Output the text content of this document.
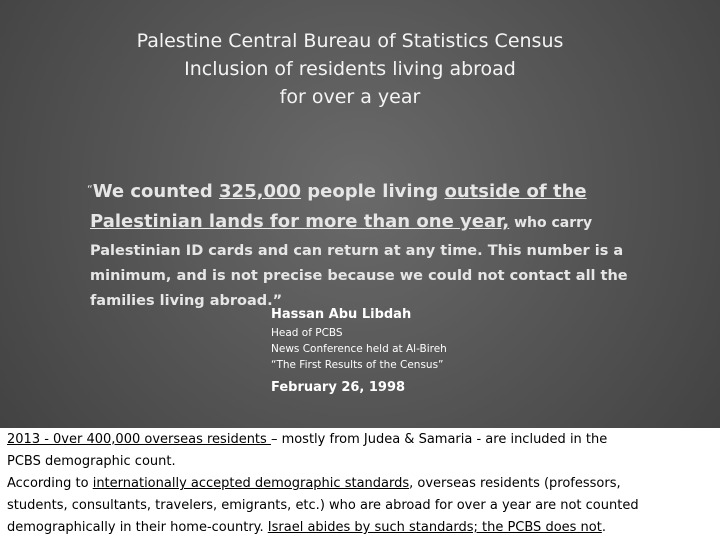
Palestine Central Bureau of Statistics Census
Inclusion of residents living abroad
for over a year
“We counted 325,000 people living outside of the
Palestinian lands for more than one year, who carry
Palestinian ID cards and can return at any time. This number is a minimum, and is not precise because we could not contact all the families living abroad.”
Hassan Abu Libdah
Head of PCBS
News Conference held at Al-Bireh
“The First Results of the Census”
February 26, 1998
2013 - 0ver 400,000 overseas residents – mostly from Judea & Samaria - are included in the
PCBS demographic count.
According to internationally accepted demographic standards, overseas residents (professors,
students, consultants, travelers, emigrants, etc.) who are abroad for over a year are not counted
demographically in their home-country. Israel abides by such standards; the PCBS does not.
